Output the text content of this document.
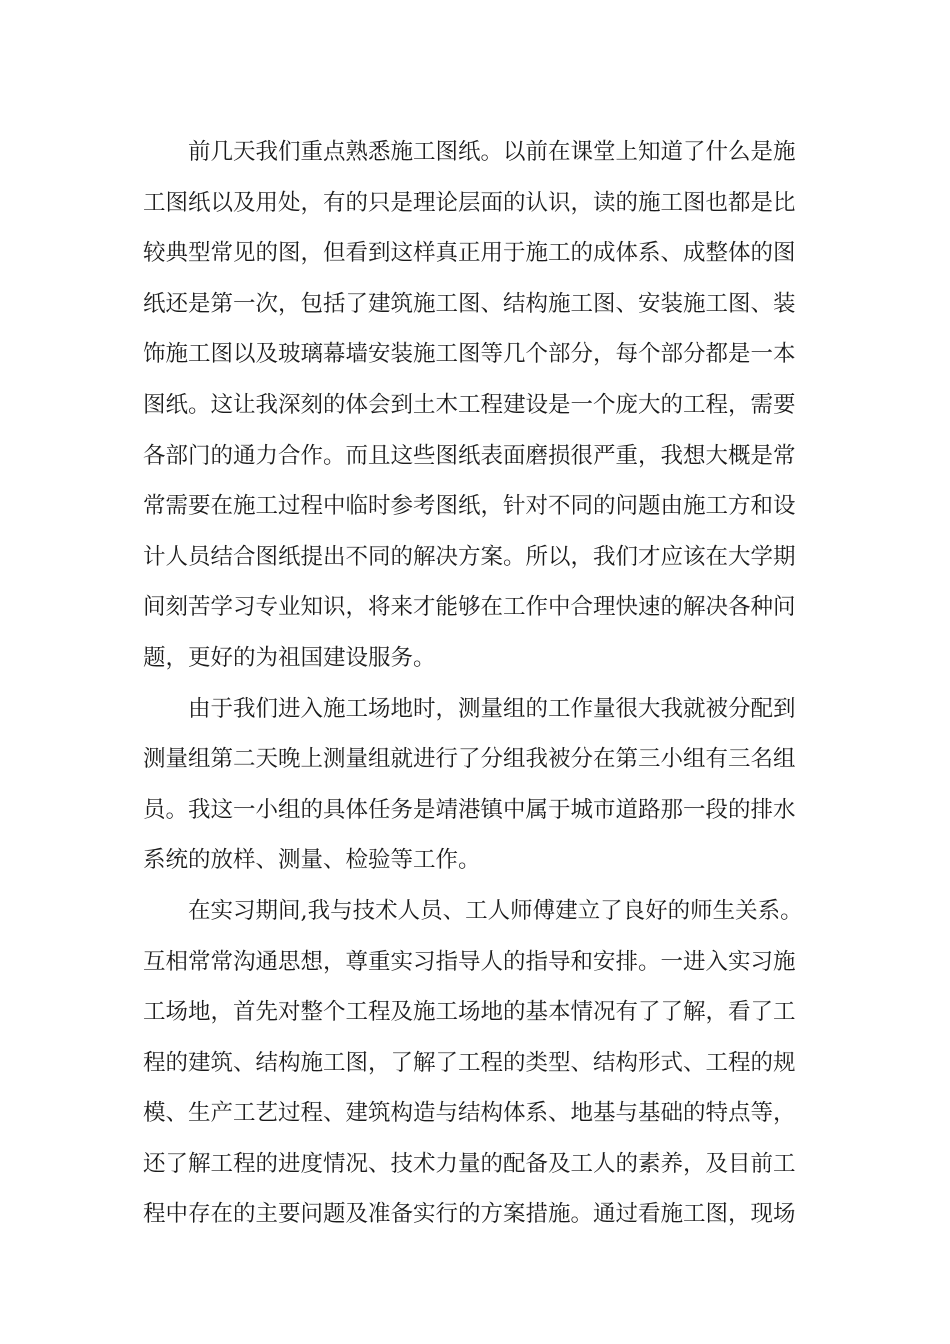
前几天我们重点熟悉施工图纸。以前在课堂上知道了什么是施
工图纸以及用处，有的只是理论层面的认识，读的施工图也都是比
较典型常见的图，但看到这样真正用于施工的成体系、成整体的图
纸还是第一次，包括了建筑施工图、结构施工图、安装施工图、装
饰施工图以及玻璃幕墙安装施工图等几个部分，每个部分都是一本
图纸。这让我深刻的体会到土木工程建设是一个庞大的工程，需要
各部门的通力合作。而且这些图纸表面磨损很严重，我想大概是常
常需要在施工过程中临时参考图纸，针对不同的问题由施工方和设
计人员结合图纸提出不同的解决方案。所以，我们才应该在大学期
间刻苦学习专业知识，将来才能够在工作中合理快速的解决各种问
题，更好的为祖国建设服务。
由于我们进入施工场地时，测量组的工作量很大我就被分配到
测量组第二天晚上测量组就进行了分组我被分在第三小组有三名组
员。我这一小组的具体任务是靖港镇中属于城市道路那一段的排水
系统的放样、测量、检验等工作。
在实习期间,我与技术人员、工人师傅建立了良好的师生关系。
互相常常沟通思想，尊重实习指导人的指导和安排。一进入实习施
工场地，首先对整个工程及施工场地的基本情况有了了解，看了工
程的建筑、结构施工图，了解了工程的类型、结构形式、工程的规
模、生产工艺过程、建筑构造与结构体系、地基与基础的特点等，
还了解工程的进度情况、技术力量的配备及工人的素养，及目前工
程中存在的主要问题及准备实行的方案措施。通过看施工图，现场
